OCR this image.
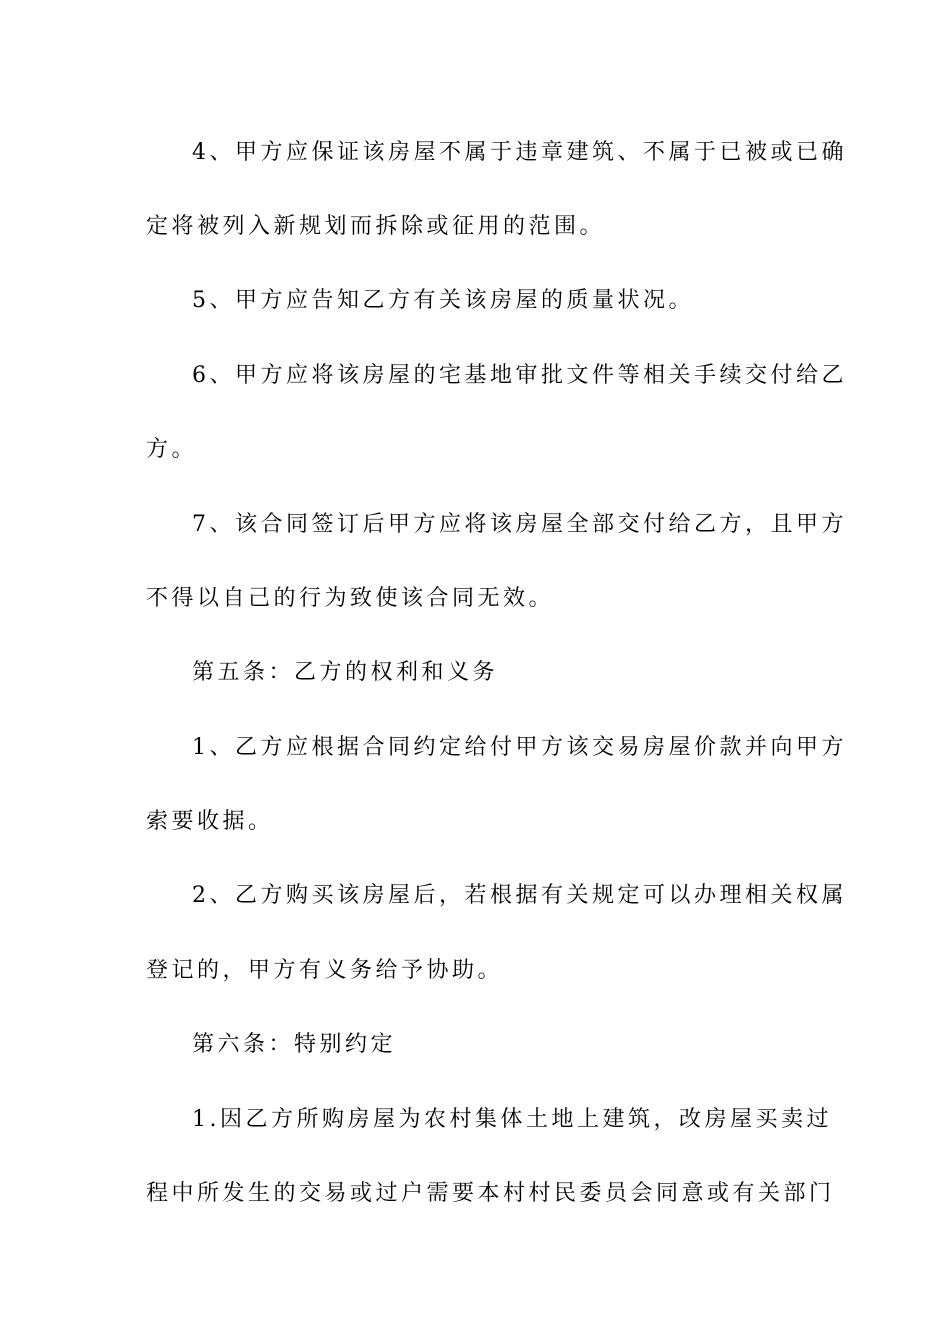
4、甲方应保证该房屋不属于违章建筑、不属于已被或已确
定将被列入新规划而拆除或征用的范围。
5、甲方应告知乙方有关该房屋的质量状况。
6、甲方应将该房屋的宅基地审批文件等相关手续交付给乙
方。
7、该合同签订后甲方应将该房屋全部交付给乙方，且甲方
不得以自己的行为致使该合同无效。
第五条：乙方的权利和义务
1、乙方应根据合同约定给付甲方该交易房屋价款并向甲方
索要收据。
2、乙方购买该房屋后，若根据有关规定可以办理相关权属
登记的，甲方有义务给予协助。
第六条：特别约定
1.因乙方所购房屋为农村集体土地上建筑，改房屋买卖过
程中所发生的交易或过户需要本村村民委员会同意或有关部门
